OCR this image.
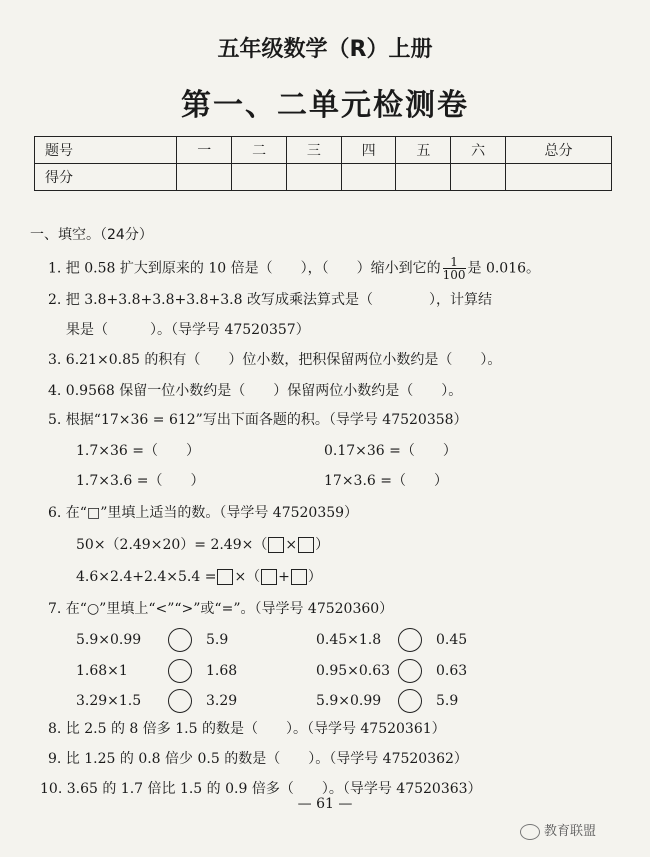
五年级数学（R）上册
第一、二单元检测卷
题号	一	二	三	四	五	六	总分
得分							
一、填空。（24分）
1. 把 0.58 扩大到原来的 10 倍是（　　），（　　）缩小到它的 $\frac{1}{100}$ 是 0.016。
2. 把 3.8+3.8+3.8+3.8+3.8 改写成乘法算式是（　　　　），计算结
果是（　　　）。（导学号 47520357）
3. 6.21×0.85 的积有（　　）位小数，把积保留两位小数约是（　　）。
4. 0.9568 保留一位小数约是（　　）保留两位小数约是（　　）。
5. 根据“17×36 = 612”写出下面各题的积。（导学号 47520358）
1.7×36 =（　　）	0.17×36 =（　　）
1.7×3.6 =（　　）	17×3.6 =（　　）
6. 在“□”里填上适当的数。（导学号 47520359）
50×（2.49×20）= 2.49×（ × ）
4.6×2.4+2.4×5.4 = ×（ + ）
7. 在“○”里填上“<”“>”或“=”。（导学号 47520360）
5.9×0.99	5.9	0.45×1.8	0.45
1.68×1	1.68	0.95×0.63	0.63
3.29×1.5	3.29	5.9×0.99	5.9
8. 比 2.5 的 8 倍多 1.5 的数是（　　）。（导学号 47520361）
9. 比 1.25 的 0.8 倍少 0.5 的数是（　　）。（导学号 47520362）
10. 3.65 的 1.7 倍比 1.5 的 0.9 倍多（　　）。（导学号 47520363）
— 61 —
教育联盟
